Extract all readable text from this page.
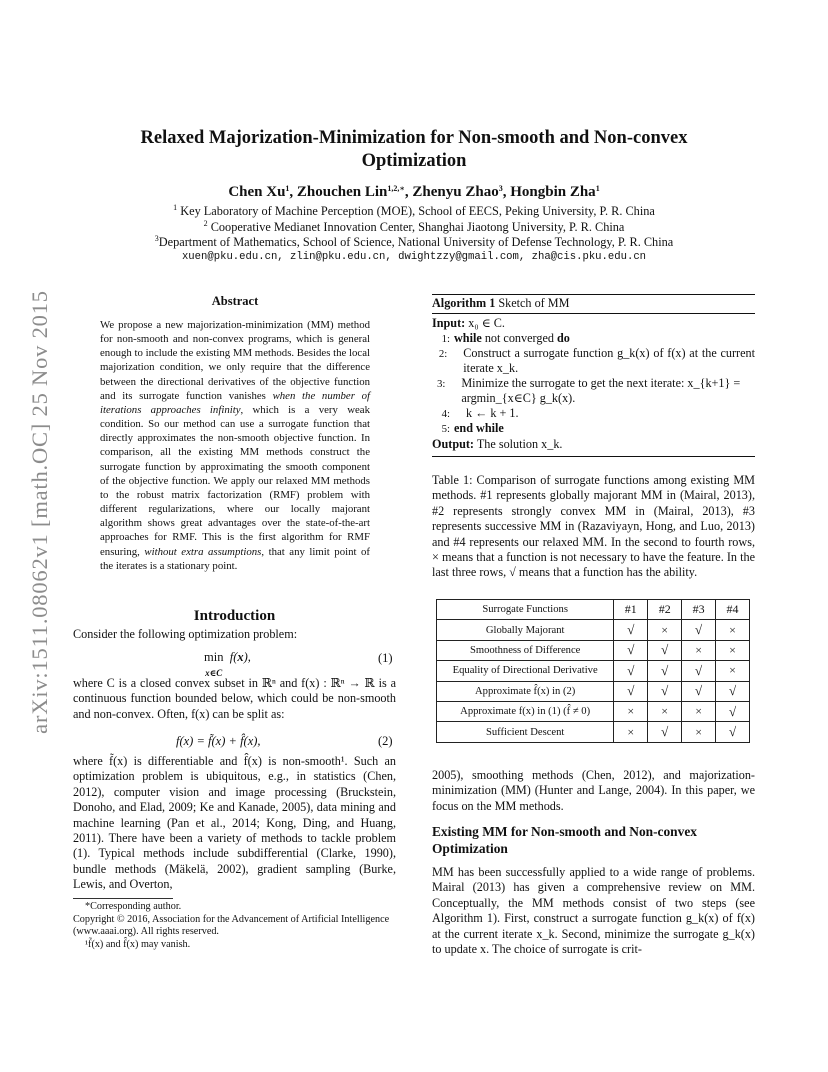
arXiv:1511.08062v1 [math.OC] 25 Nov 2015
Relaxed Majorization-Minimization for Non-smooth and Non-convex Optimization
Chen Xu$^1$, Zhouchen Lin$^{1,2,∗}$, Zhenyu Zhao$^3$, Hongbin Zha$^1$
$^1$ Key Laboratory of Machine Perception (MOE), School of EECS, Peking University, P. R. China
$^2$ Cooperative Medianet Innovation Center, Shanghai Jiaotong University, P. R. China
$^3$Department of Mathematics, School of Science, National University of Defense Technology, P. R. China
xuen@pku.edu.cn, zlin@pku.edu.cn, dwightzzy@gmail.com, zha@cis.pku.edu.cn
Abstract
We propose a new majorization-minimization (MM) method for non-smooth and non-convex programs, which is general enough to include the existing MM methods. Besides the local majorization condition, we only require that the difference between the directional derivatives of the objective function and its surrogate function vanishes when the number of iterations approaches infinity, which is a very weak condition. So our method can use a surrogate function that directly approximates the non-smooth objective function. In comparison, all the existing MM methods construct the surrogate function by approximating the smooth component of the objective function. We apply our relaxed MM methods to the robust matrix factorization (RMF) problem with different regularizations, where our locally majorant algorithm shows great advantages over the state-of-the-art approaches for RMF. This is the first algorithm for RMF ensuring, without extra assumptions, that any limit point of the iterates is a stationary point.
Introduction
Consider the following optimization problem:
min
x∈C  f(x),	(1)
where C is a closed convex subset in ℝⁿ and f(x) : ℝⁿ → ℝ is a continuous function bounded below, which could be non-smooth and non-convex. Often, f(x) can be split as:
f(x) = f̃(x) + f̂(x),	(2)
where f̃(x) is differentiable and f̂(x) is non-smooth¹. Such an optimization problem is ubiquitous, e.g., in statistics (Chen, 2012), computer vision and image processing (Bruckstein, Donoho, and Elad, 2009; Ke and Kanade, 2005), data mining and machine learning (Pan et al., 2014; Kong, Ding, and Huang, 2011). There have been a variety of methods to tackle problem (1). Typical methods include subdifferential (Clarke, 1990), bundle methods (Mäkelä, 2002), gradient sampling (Burke, Lewis, and Overton,
*Corresponding author.
Copyright © 2016, Association for the Advancement of Artificial Intelligence (www.aaai.org). All rights reserved.
¹f̃(x) and f̂(x) may vanish.
Algorithm 1 Sketch of MM
Input: x₀ ∈ C.
1: while not converged do
2:	Construct a surrogate function g_k(x) of f(x) at the current iterate x_k.
3:	Minimize the surrogate to get the next iterate: x_{k+1} = argmin_{x∈C} g_k(x).
4:	k ← k + 1.
5: end while
Output: The solution x_k.
Table 1: Comparison of surrogate functions among existing MM methods. #1 represents globally majorant MM in (Mairal, 2013), #2 represents strongly convex MM in (Mairal, 2013), #3 represents successive MM in (Razaviyayn, Hong, and Luo, 2013) and #4 represents our relaxed MM. In the second to fourth rows, × means that a function is not necessary to have the feature. In the last three rows, √ means that a function has the ability.
Surrogate Functions	#1	#2	#3	#4
Globally Majorant	√	×	√	×
Smoothness of Difference	√	√	×	×
Equality of Directional Derivative	√	√	√	×
Approximate f̂(x) in (2)	√	√	√	√
Approximate f(x) in (1) (f̂ ≠ 0)	×	×	×	√
Sufficient Descent	×	√	×	√
2005), smoothing methods (Chen, 2012), and majorization-minimization (MM) (Hunter and Lange, 2004). In this paper, we focus on the MM methods.
Existing MM for Non-smooth and Non-convex Optimization
MM has been successfully applied to a wide range of problems. Mairal (2013) has given a comprehensive review on MM. Conceptually, the MM methods consist of two steps (see Algorithm 1). First, construct a surrogate function g_k(x) of f(x) at the current iterate x_k. Second, minimize the surrogate g_k(x) to update x. The choice of surrogate is crit-
